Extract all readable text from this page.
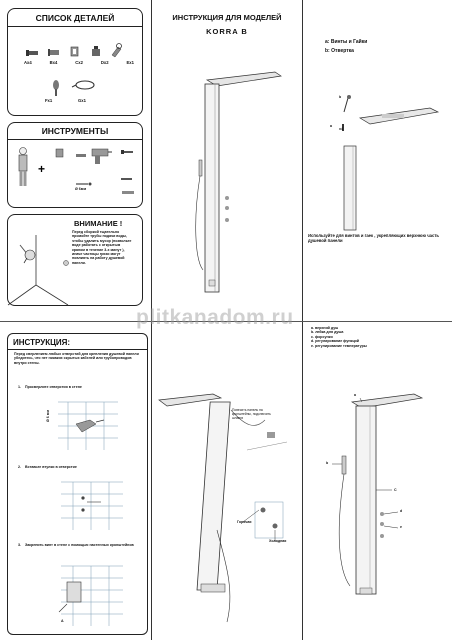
СПИСОК ДЕТАЛЕЙ
Ax4	Bx4	Cx2	Dx2	Ex1
Fx1	Gx1
ИНСТРУМЕНТЫ
+
Ø 6мм
ВНИМАНИЕ !
Перед сборкой тщательно промойте трубы подачи воды, чтобы удалить мусор (позвольте воде работать с открытым краном в течение 3-х минут ), иначе частицы грязи могут повлиять на работу душевой панели.
ИНСТРУКЦИЯ ДЛЯ МОДЕЛЕЙ
KORRA B
a: Винты и Гайки
b: Отвертка
b
a
x4
Используйте для винтов и гаек , укрепляющих верхнюю часть душевой панели
plitkanadom.ru
ИНСТРУКЦИЯ:
Перед сверлением любых отверстий для крепления душевой панели убедитесь, что нет никаких скрытых кабелей или трубопроводов внутри стены.
1. Просверлите отверстия в стене
Ø 6 мм
2. Вставьте втулки в отверстие
3. Закрепить винт в стене с помощью настенных кронштейнов
A
Повесить панель на кронштейны, подключить шланги
Горячая
Холодная
a. верхний душ
b. лейка для душа
c. форсунки
d. регулирование функций
e. регулирование температуры
a
b
C
d
e
